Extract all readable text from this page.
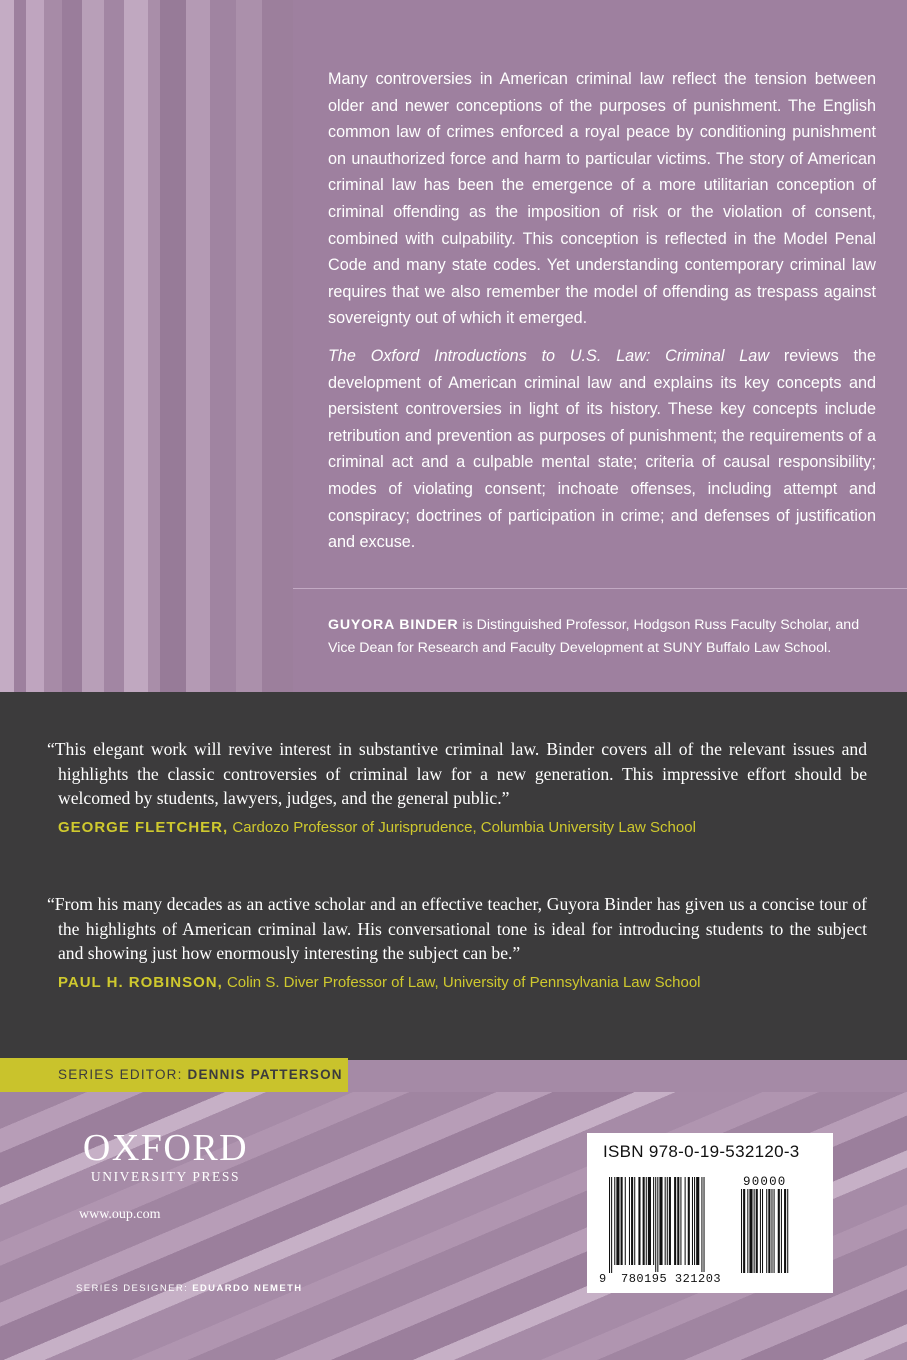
Many controversies in American criminal law reflect the tension between older and newer conceptions of the purposes of punishment. The English common law of crimes enforced a royal peace by conditioning punishment on unauthorized force and harm to particular victims. The story of American criminal law has been the emergence of a more utilitarian conception of criminal offending as the imposition of risk or the violation of consent, combined with culpability. This conception is reflected in the Model Penal Code and many state codes. Yet understanding contemporary criminal law requires that we also remember the model of offending as trespass against sovereignty out of which it emerged.

The Oxford Introductions to U.S. Law: Criminal Law reviews the development of American criminal law and explains its key concepts and persistent controversies in light of its history. These key concepts include retribution and prevention as purposes of punishment; the requirements of a criminal act and a culpable mental state; criteria of causal responsibility; modes of violating consent; inchoate offenses, including attempt and conspiracy; doctrines of participation in crime; and defenses of justification and excuse.

GUYORA BINDER is Distinguished Professor, Hodgson Russ Faculty Scholar, and Vice Dean for Research and Faculty Development at SUNY Buffalo Law School.

“This elegant work will revive interest in substantive criminal law. Binder covers all of the relevant issues and highlights the classic controversies of criminal law for a new generation. This impressive effort should be welcomed by students, lawyers, judges, and the general public.”

GEORGE FLETCHER, Cardozo Professor of Jurisprudence, Columbia University Law School

“From his many decades as an active scholar and an effective teacher, Guyora Binder has given us a concise tour of the highlights of American criminal law. His conversational tone is ideal for introducing students to the subject and showing just how enormously interesting the subject can be.”

PAUL H. ROBINSON, Colin S. Diver Professor of Law, University of Pennsylvania Law School
SERIES EDITOR: DENNIS PATTERSON
OXFORD
UNIVERSITY PRESS
www.oup.com
SERIES DESIGNER: EDUARDO NEMETH
ISBN 978-0-19-532120-3
90000
9 780195 321203
